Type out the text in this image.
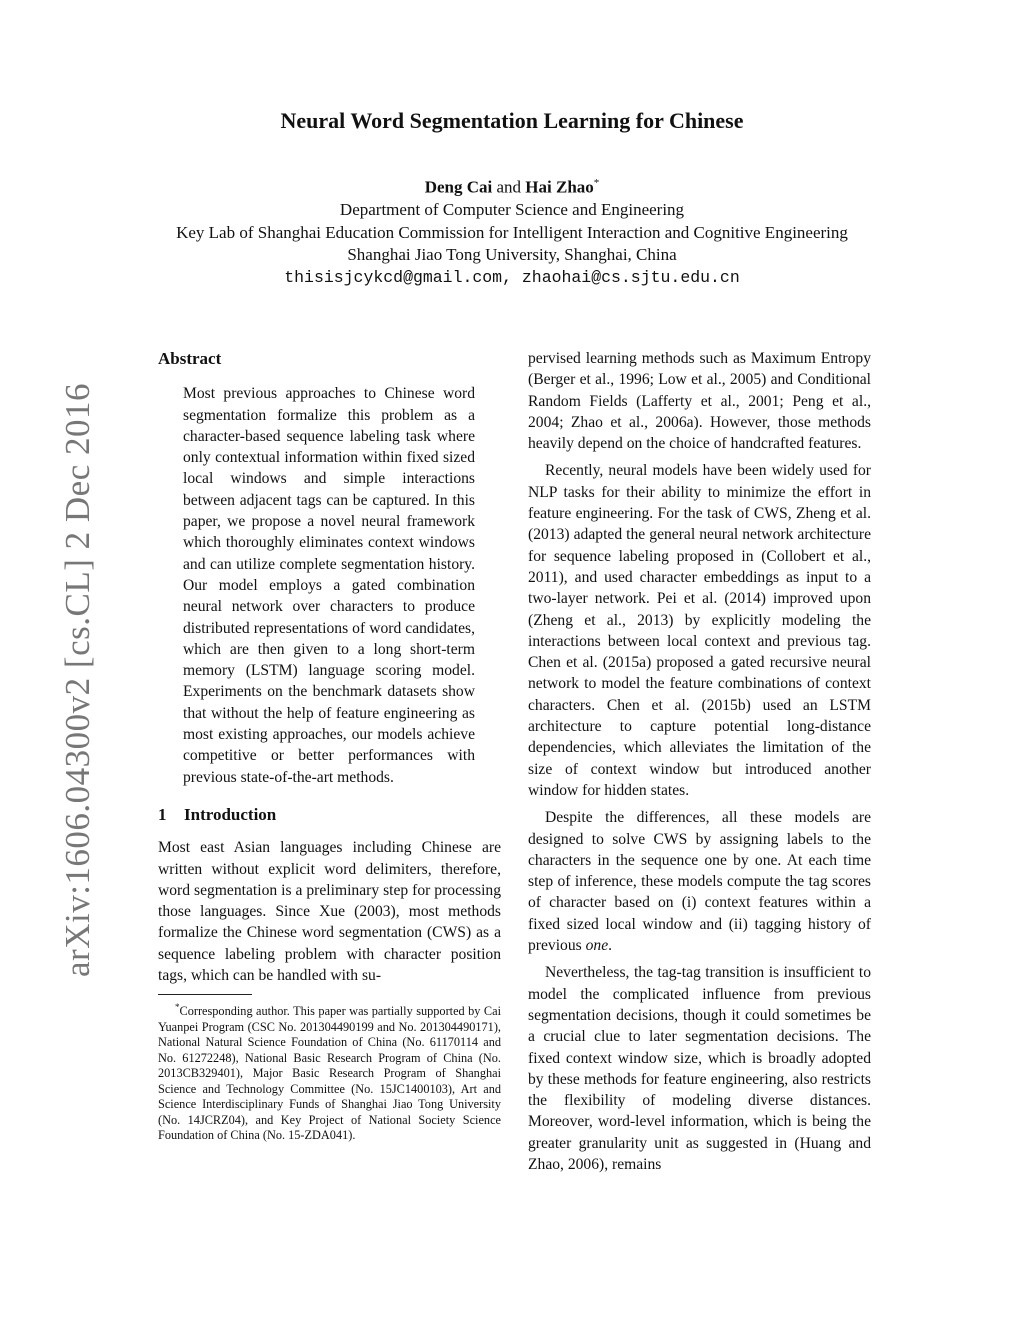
arXiv:1606.04300v2 [cs.CL] 2 Dec 2016
Neural Word Segmentation Learning for Chinese
Deng Cai and Hai Zhao*
Department of Computer Science and Engineering
Key Lab of Shanghai Education Commission for Intelligent Interaction and Cognitive Engineering
Shanghai Jiao Tong University, Shanghai, China
thisisjcykcd@gmail.com, zhaohai@cs.sjtu.edu.cn

Abstract

Most previous approaches to Chinese word segmentation formalize this problem as a character-based sequence labeling task where only contextual information within fixed sized local windows and simple interactions between adjacent tags can be captured. In this paper, we propose a novel neural framework which thoroughly eliminates context windows and can utilize complete segmentation history. Our model employs a gated combination neural network over characters to produce distributed representations of word candidates, which are then given to a long short-term memory (LSTM) language scoring model. Experiments on the benchmark datasets show that without the help of feature engineering as most existing approaches, our models achieve competitive or better performances with previous state-of-the-art methods.

1 Introduction

Most east Asian languages including Chinese are written without explicit word delimiters, therefore, word segmentation is a preliminary step for processing those languages. Since Xue (2003), most methods formalize the Chinese word segmentation (CWS) as a sequence labeling problem with character position tags, which can be handled with su-

*Corresponding author. This paper was partially supported by Cai Yuanpei Program (CSC No. 201304490199 and No. 201304490171), National Natural Science Foundation of China (No. 61170114 and No. 61272248), National Basic Research Program of China (No. 2013CB329401), Major Basic Research Program of Shanghai Science and Technology Committee (No. 15JC1400103), Art and Science Interdisciplinary Funds of Shanghai Jiao Tong University (No. 14JCRZ04), and Key Project of National Society Science Foundation of China (No. 15-ZDA041).

pervised learning methods such as Maximum Entropy (Berger et al., 1996; Low et al., 2005) and Conditional Random Fields (Lafferty et al., 2001; Peng et al., 2004; Zhao et al., 2006a). However, those methods heavily depend on the choice of handcrafted features.

Recently, neural models have been widely used for NLP tasks for their ability to minimize the effort in feature engineering. For the task of CWS, Zheng et al. (2013) adapted the general neural network architecture for sequence labeling proposed in (Collobert et al., 2011), and used character embeddings as input to a two-layer network. Pei et al. (2014) improved upon (Zheng et al., 2013) by explicitly modeling the interactions between local context and previous tag. Chen et al. (2015a) proposed a gated recursive neural network to model the feature combinations of context characters. Chen et al. (2015b) used an LSTM architecture to capture potential long-distance dependencies, which alleviates the limitation of the size of context window but introduced another window for hidden states.

Despite the differences, all these models are designed to solve CWS by assigning labels to the characters in the sequence one by one. At each time step of inference, these models compute the tag scores of character based on (i) context features within a fixed sized local window and (ii) tagging history of previous one.

Nevertheless, the tag-tag transition is insufficient to model the complicated influence from previous segmentation decisions, though it could sometimes be a crucial clue to later segmentation decisions. The fixed context window size, which is broadly adopted by these methods for feature engineering, also restricts the flexibility of modeling diverse distances. Moreover, word-level information, which is being the greater granularity unit as suggested in (Huang and Zhao, 2006), remains
